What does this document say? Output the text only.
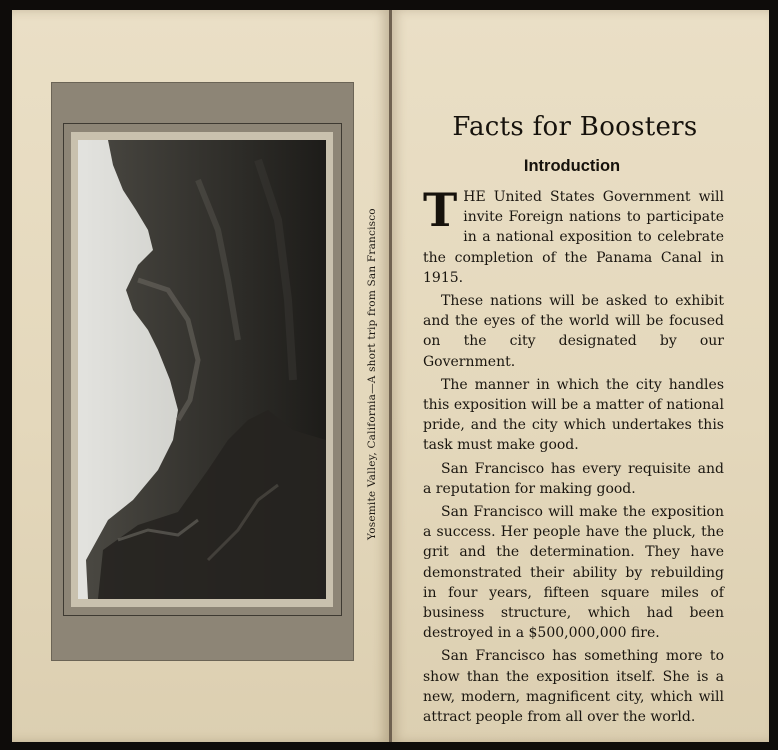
Yosemite Valley, California—A short trip from San Francisco
Facts for Boosters
Introduction

THE United States Government will invite Foreign nations to participate in a national exposition to celebrate the completion of the Panama Canal in 1915.

These nations will be asked to exhibit and the eyes of the world will be focused on the city designated by our Government.

The manner in which the city handles this exposition will be a matter of national pride, and the city which undertakes this task must make good.

San Francisco has every requisite and a reputation for making good.

San Francisco will make the exposition a success. Her people have the pluck, the grit and the determination. They have demonstrated their ability by rebuilding in four years, fifteen square miles of business structure, which had been destroyed in a $500,000,000 fire.

San Francisco has something more to show than the exposition itself. She is a new, modern, magnificent city, which will attract people from all over the world.
